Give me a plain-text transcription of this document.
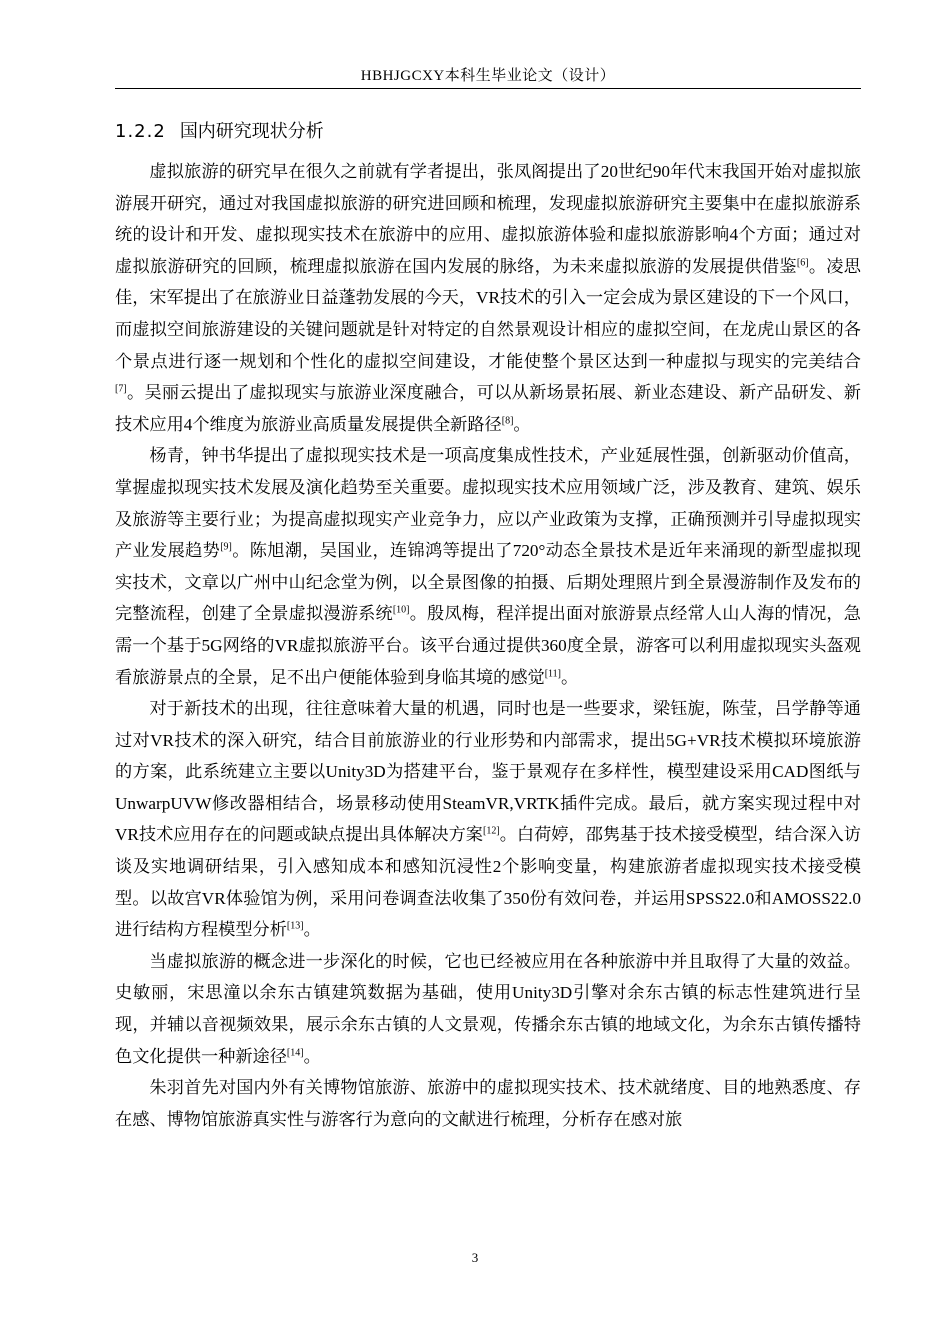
HBHJGCXY本科生毕业论文（设计）
1.2.2 国内研究现状分析

虚拟旅游的研究早在很久之前就有学者提出，张凤阁提出了20世纪90年代末我国开始对虚拟旅游展开研究，通过对我国虚拟旅游的研究进回顾和梳理，发现虚拟旅游研究主要集中在虚拟旅游系统的设计和开发、虚拟现实技术在旅游中的应用、虚拟旅游体验和虚拟旅游影响4个方面；通过对虚拟旅游研究的回顾，梳理虚拟旅游在国内发展的脉络，为未来虚拟旅游的发展提供借鉴[6]。凌思佳，宋军提出了在旅游业日益蓬勃发展的今天，VR技术的引入一定会成为景区建设的下一个风口，而虚拟空间旅游建设的关键问题就是针对特定的自然景观设计相应的虚拟空间，在龙虎山景区的各个景点进行逐一规划和个性化的虚拟空间建设，才能使整个景区达到一种虚拟与现实的完美结合[7]。吴丽云提出了虚拟现实与旅游业深度融合，可以从新场景拓展、新业态建设、新产品研发、新技术应用4个维度为旅游业高质量发展提供全新路径[8]。

杨青，钟书华提出了虚拟现实技术是一项高度集成性技术，产业延展性强，创新驱动价值高，掌握虚拟现实技术发展及演化趋势至关重要。虚拟现实技术应用领域广泛，涉及教育、建筑、娱乐及旅游等主要行业；为提高虚拟现实产业竞争力，应以产业政策为支撑，正确预测并引导虚拟现实产业发展趋势[9]。陈旭潮，吴国业，连锦鸿等提出了720°动态全景技术是近年来涌现的新型虚拟现实技术，文章以广州中山纪念堂为例，以全景图像的拍摄、后期处理照片到全景漫游制作及发布的完整流程，创建了全景虚拟漫游系统[10]。殷凤梅，程洋提出面对旅游景点经常人山人海的情况，急需一个基于5G网络的VR虚拟旅游平台。该平台通过提供360度全景，游客可以利用虚拟现实头盔观看旅游景点的全景，足不出户便能体验到身临其境的感觉[11]。

对于新技术的出现，往往意味着大量的机遇，同时也是一些要求，梁钰旎，陈莹，吕学静等通过对VR技术的深入研究，结合目前旅游业的行业形势和内部需求，提出5G+VR技术模拟环境旅游的方案，此系统建立主要以Unity3D为搭建平台，鉴于景观存在多样性，模型建设采用CAD图纸与UnwarpUVW修改器相结合，场景移动使用SteamVR,VRTK插件完成。最后，就方案实现过程中对VR技术应用存在的问题或缺点提出具体解决方案[12]。白荷婷，邵隽基于技术接受模型，结合深入访谈及实地调研结果，引入感知成本和感知沉浸性2个影响变量，构建旅游者虚拟现实技术接受模型。以故宫VR体验馆为例，采用问卷调查法收集了350份有效问卷，并运用SPSS22.0和AMOSS22.0进行结构方程模型分析[13]。

当虚拟旅游的概念进一步深化的时候，它也已经被应用在各种旅游中并且取得了大量的效益。史敏丽，宋思潼以余东古镇建筑数据为基础，使用Unity3D引擎对余东古镇的标志性建筑进行呈现，并辅以音视频效果，展示余东古镇的人文景观，传播余东古镇的地域文化，为余东古镇传播特色文化提供一种新途径[14]。

朱羽首先对国内外有关博物馆旅游、旅游中的虚拟现实技术、技术就绪度、目的地熟悉度、存在感、博物馆旅游真实性与游客行为意向的文献进行梳理，分析存在感对旅

3
